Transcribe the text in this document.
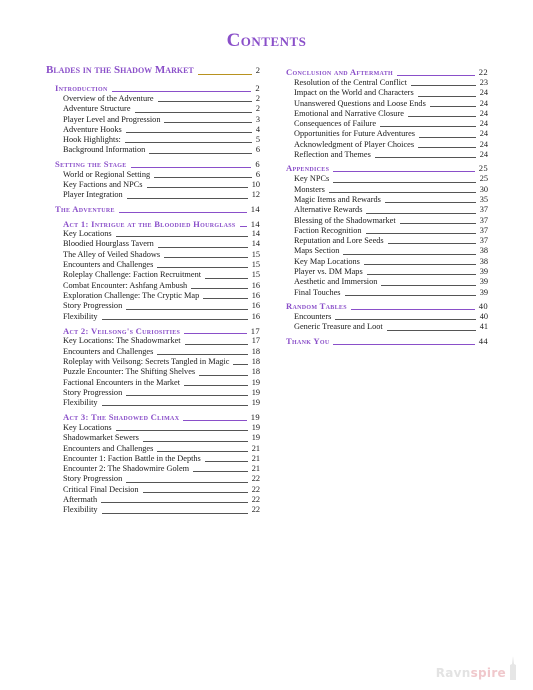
Contents
Blades in the Shadow Market	2
Introduction	2
Overview of the Adventure	2
Adventure Structure	2
Player Level and Progression	3
Adventure Hooks	4
Hook Highlights:	5
Background Information	6
Setting the Stage	6
World or Regional Setting	6
Key Factions and NPCs	10
Player Integration	12
The Adventure	14
Act 1: Intrigue at the Bloodied Hourglass 14
Key Locations	14
Bloodied Hourglass Tavern	14
The Alley of Veiled Shadows	15
Encounters and Challenges	15
Roleplay Challenge: Faction Recruitment	15
Combat Encounter: Ashfang Ambush	16
Exploration Challenge: The Cryptic Map	16
Story Progression	16
Flexibility	16
Act 2: Veilsong's Curiosities	17
Key Locations: The Shadowmarket	17
Encounters and Challenges	18
Roleplay with Veilsong: Secrets Tangled in Magic	18
Puzzle Encounter: The Shifting Shelves	18
Factional Encounters in the Market	19
Story Progression	19
Flexibility	19
Act 3: The Shadowed Climax	19
Key Locations	19
Shadowmarket Sewers	19
Encounters and Challenges	21
Encounter 1: Faction Battle in the Depths	21
Encounter 2: The Shadowmire Golem	21
Story Progression	22
Critical Final Decision	22
Aftermath	22
Flexibility	22
Conclusion and Aftermath	22
Resolution of the Central Conflict	23
Impact on the World and Characters	24
Unanswered Questions and Loose Ends	24
Emotional and Narrative Closure	24
Consequences of Failure	24
Opportunities for Future Adventures	24
Acknowledgment of Player Choices	24
Reflection and Themes	24
Appendices	25
Key NPCs	25
Monsters	30
Magic Items and Rewards	35
Alternative Rewards	37
Blessing of the Shadowmarket	37
Faction Recognition	37
Reputation and Lore Seeds	37
Maps Section	38
Key Map Locations	38
Player vs. DM Maps	39
Aesthetic and Immersion	39
Final Touches	39
Random Tables	40
Encounters	40
Generic Treasure and Loot	41
Thank You	44
Ravn spire
